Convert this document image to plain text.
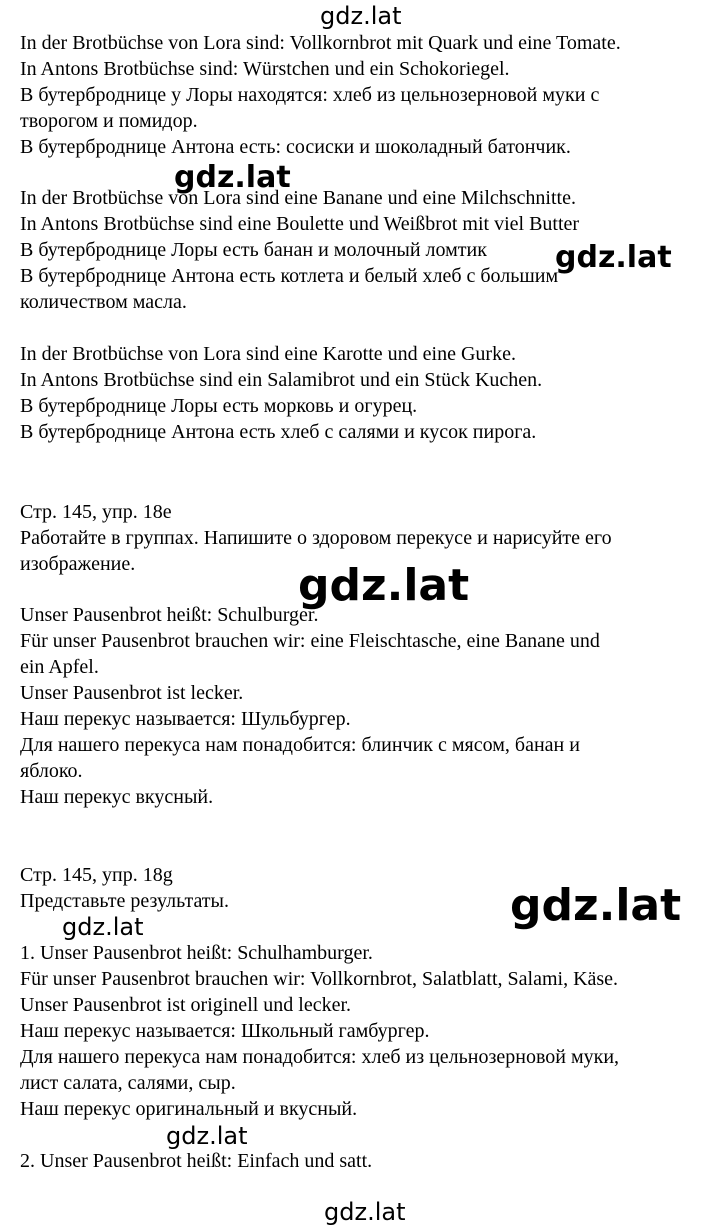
In der Brotbüchse von Lora sind: Vollkornbrot mit Quark und eine Tomate.
In Antons Brotbüchse sind: Würstchen und ein Schokoriegel.
В бутербродницe у Лоры находятся: хлеб из цельнозерновой муки с
творогом и помидор.
В бутербродницe Антона есть: сосиски и шоколадный батончик.
In der Brotbüchse von Lora sind eine Banane und eine Milchschnitte.
In Antons Brotbüchse sind eine Boulette und Weißbrot mit viel Butter
В бутербродницe Лоры есть банан и молочный ломтик
В бутербродницe Антона есть котлета и белый хлеб с большим
количеством масла.
In der Brotbüchse von Lora sind eine Karotte und eine Gurke.
In Antons Brotbüchse sind ein Salamibrot und ein Stück Kuchen.
В бутербродницe Лоры есть морковь и огурец.
В бутербродницe Антона есть хлеб с салями и кусок пирога.
Стр. 145, упр. 18e
Работайте в группах. Напишите о здоровом перекусе и нарисуйте его
изображение.
Unser Pausenbrot heißt: Schulburger.
Für unser Pausenbrot brauchen wir: eine Fleischtasche, eine Banane und
ein Apfel.
Unser Pausenbrot ist lecker.
Наш перекус называется: Шульбургер.
Для нашего перекуса нам понадобится: блинчик с мясом, банан и
яблоко.
Наш перекус вкусный.
Стр. 145, упр. 18g
Представьте результаты.
1. Unser Pausenbrot heißt: Schulhamburger.
Für unser Pausenbrot brauchen wir: Vollkornbrot, Salatblatt, Salami, Käse.
Unser Pausenbrot ist originell und lecker.
Наш перекус называется: Школьный гамбургер.
Для нашего перекуса нам понадобится: хлеб из цельнозерновой муки,
лист салата, салями, сыр.
Наш перекус оригинальный и вкусный.
2. Unser Pausenbrot heißt: Einfach und satt.
gdz.lat
gdz.lat
gdz.lat
gdz.lat
gdz.lat
gdz.lat
gdz.lat
gdz.lat
